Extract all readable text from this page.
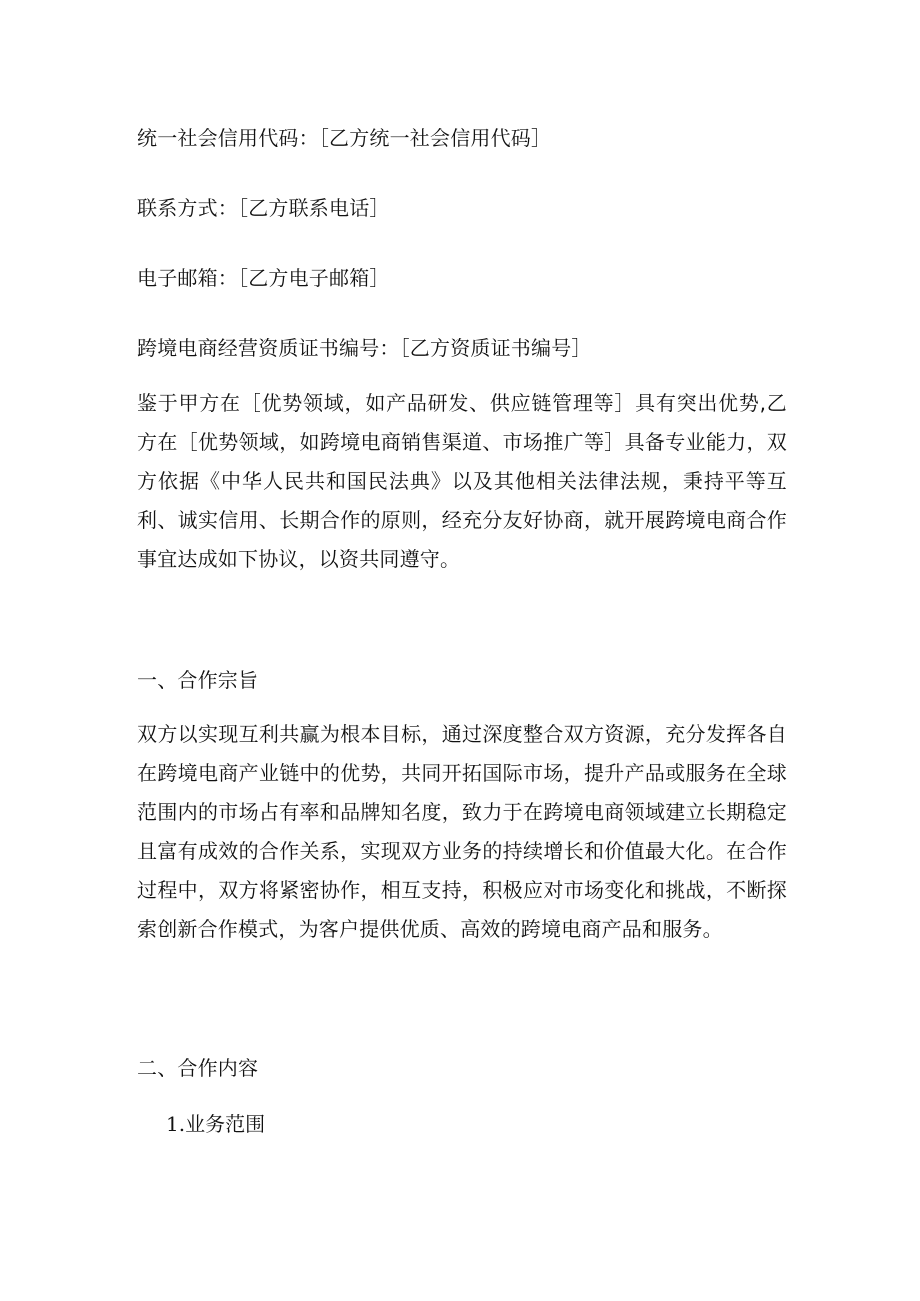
统一社会信用代码：［乙方统一社会信用代码］
联系方式：［乙方联系电话］
电子邮箱：［乙方电子邮箱］
跨境电商经营资质证书编号：［乙方资质证书编号］

鉴于甲方在［优势领域，如产品研发、供应链管理等］具有突出优势,乙方在［优势领域，如跨境电商销售渠道、市场推广等］具备专业能力，双方依据《中华人民共和国民法典》以及其他相关法律法规，秉持平等互利、诚实信用、长期合作的原则，经充分友好协商，就开展跨境电商合作事宜达成如下协议，以资共同遵守。

一、合作宗旨

双方以实现互利共赢为根本目标，通过深度整合双方资源，充分发挥各自在跨境电商产业链中的优势，共同开拓国际市场，提升产品或服务在全球范围内的市场占有率和品牌知名度，致力于在跨境电商领域建立长期稳定且富有成效的合作关系，实现双方业务的持续增长和价值最大化。在合作过程中，双方将紧密协作，相互支持，积极应对市场变化和挑战，不断探索创新合作模式，为客户提供优质、高效的跨境电商产品和服务。

二、合作内容
1.业务范围
